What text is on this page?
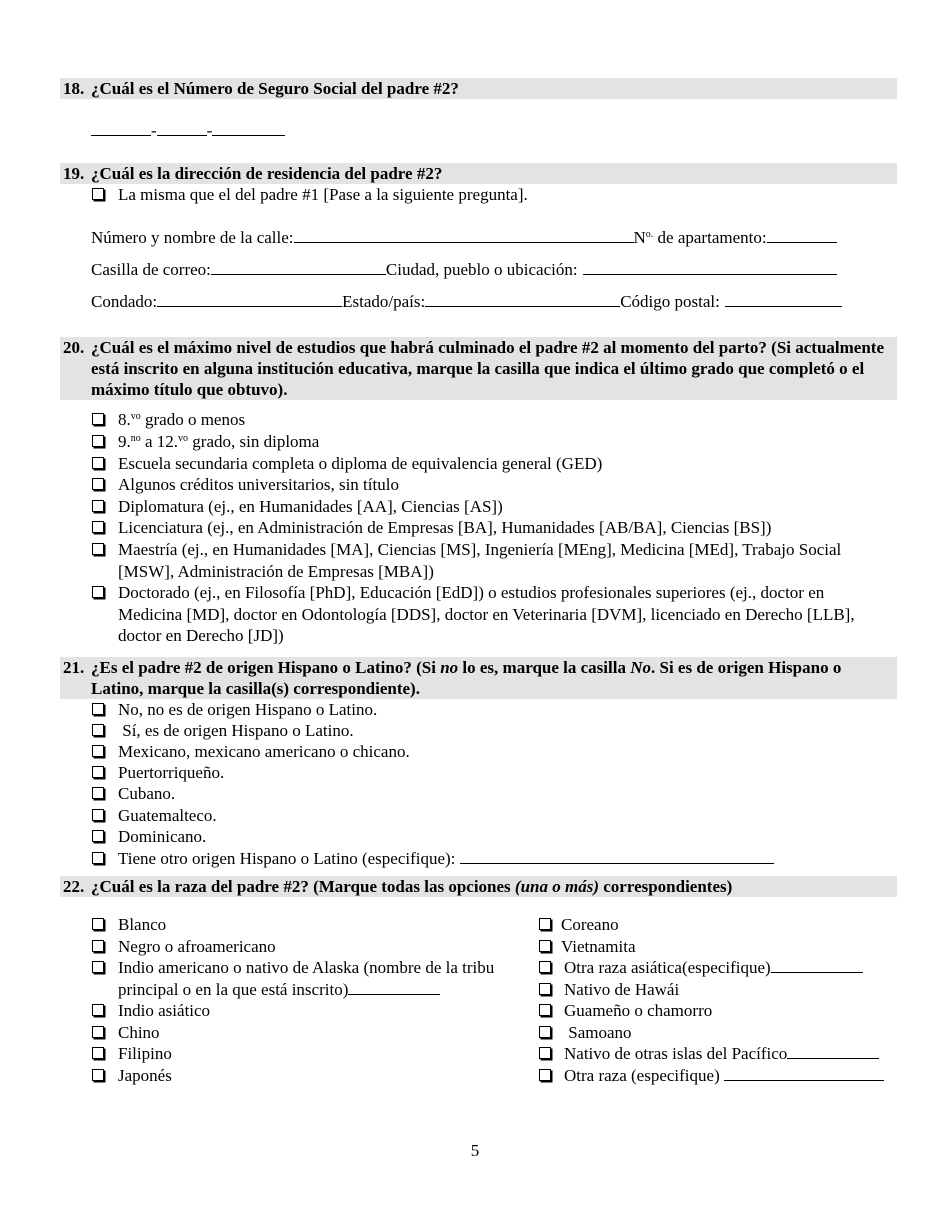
18. ¿Cuál es el Número de Seguro Social del padre #2?
-	-
19. ¿Cuál es la dirección de residencia del padre #2?
La misma que el del padre #1 [Pase a la siguiente pregunta].
Número y nombre de la calle:	$N^{o.}$ de apartamento:
Casilla de correo:	Ciudad, pueblo o ubicación:
Condado:	Estado/país:	Código postal:
20. ¿Cuál es el máximo nivel de estudios que habrá culminado el padre #2 al momento del parto? (Si actualmente está inscrito en alguna institución educativa, marque la casilla que indica el último grado que completó o el máximo título que obtuvo).
8.$^{vo}$ grado o menos
9.$^{no}$ a 12.$^{vo}$ grado, sin diploma
Escuela secundaria completa o diploma de equivalencia general (GED)
Algunos créditos universitarios, sin título
Diplomatura (ej., en Humanidades [AA], Ciencias [AS])
Licenciatura (ej., en Administración de Empresas [BA], Humanidades [AB/BA], Ciencias [BS])
Maestría (ej., en Humanidades [MA], Ciencias [MS], Ingeniería [MEng], Medicina [MEd], Trabajo Social [MSW], Administración de Empresas [MBA])
Doctorado (ej., en Filosofía [PhD], Educación [EdD]) o estudios profesionales superiores (ej., doctor en Medicina [MD], doctor en Odontología [DDS], doctor en Veterinaria [DVM], licenciado en Derecho [LLB], doctor en Derecho [JD])
21. ¿Es el padre #2 de origen Hispano o Latino? (Si no lo es, marque la casilla No. Si es de origen Hispano o Latino, marque la casilla(s) correspondiente).
No, no es de origen Hispano o Latino.
Sí, es de origen Hispano o Latino.
Mexicano, mexicano americano o chicano.
Puertorriqueño.
Cubano.
Guatemalteco.
Dominicano.
Tiene otro origen Hispano o Latino (especifique):
22. ¿Cuál es la raza del padre #2? (Marque todas las opciones (una o más) correspondientes)
Blanco
Negro o afroamericano
Indio americano o nativo de Alaska (nombre de la tribu principal o en la que está inscrito)
Indio asiático
Chino
Filipino
Japonés
Coreano
Vietnamita
Otra raza asiática(especifique)
Nativo de Hawái
Guameño o chamorro
Samoano
Nativo de otras islas del Pacífico
Otra raza (especifique)
5
